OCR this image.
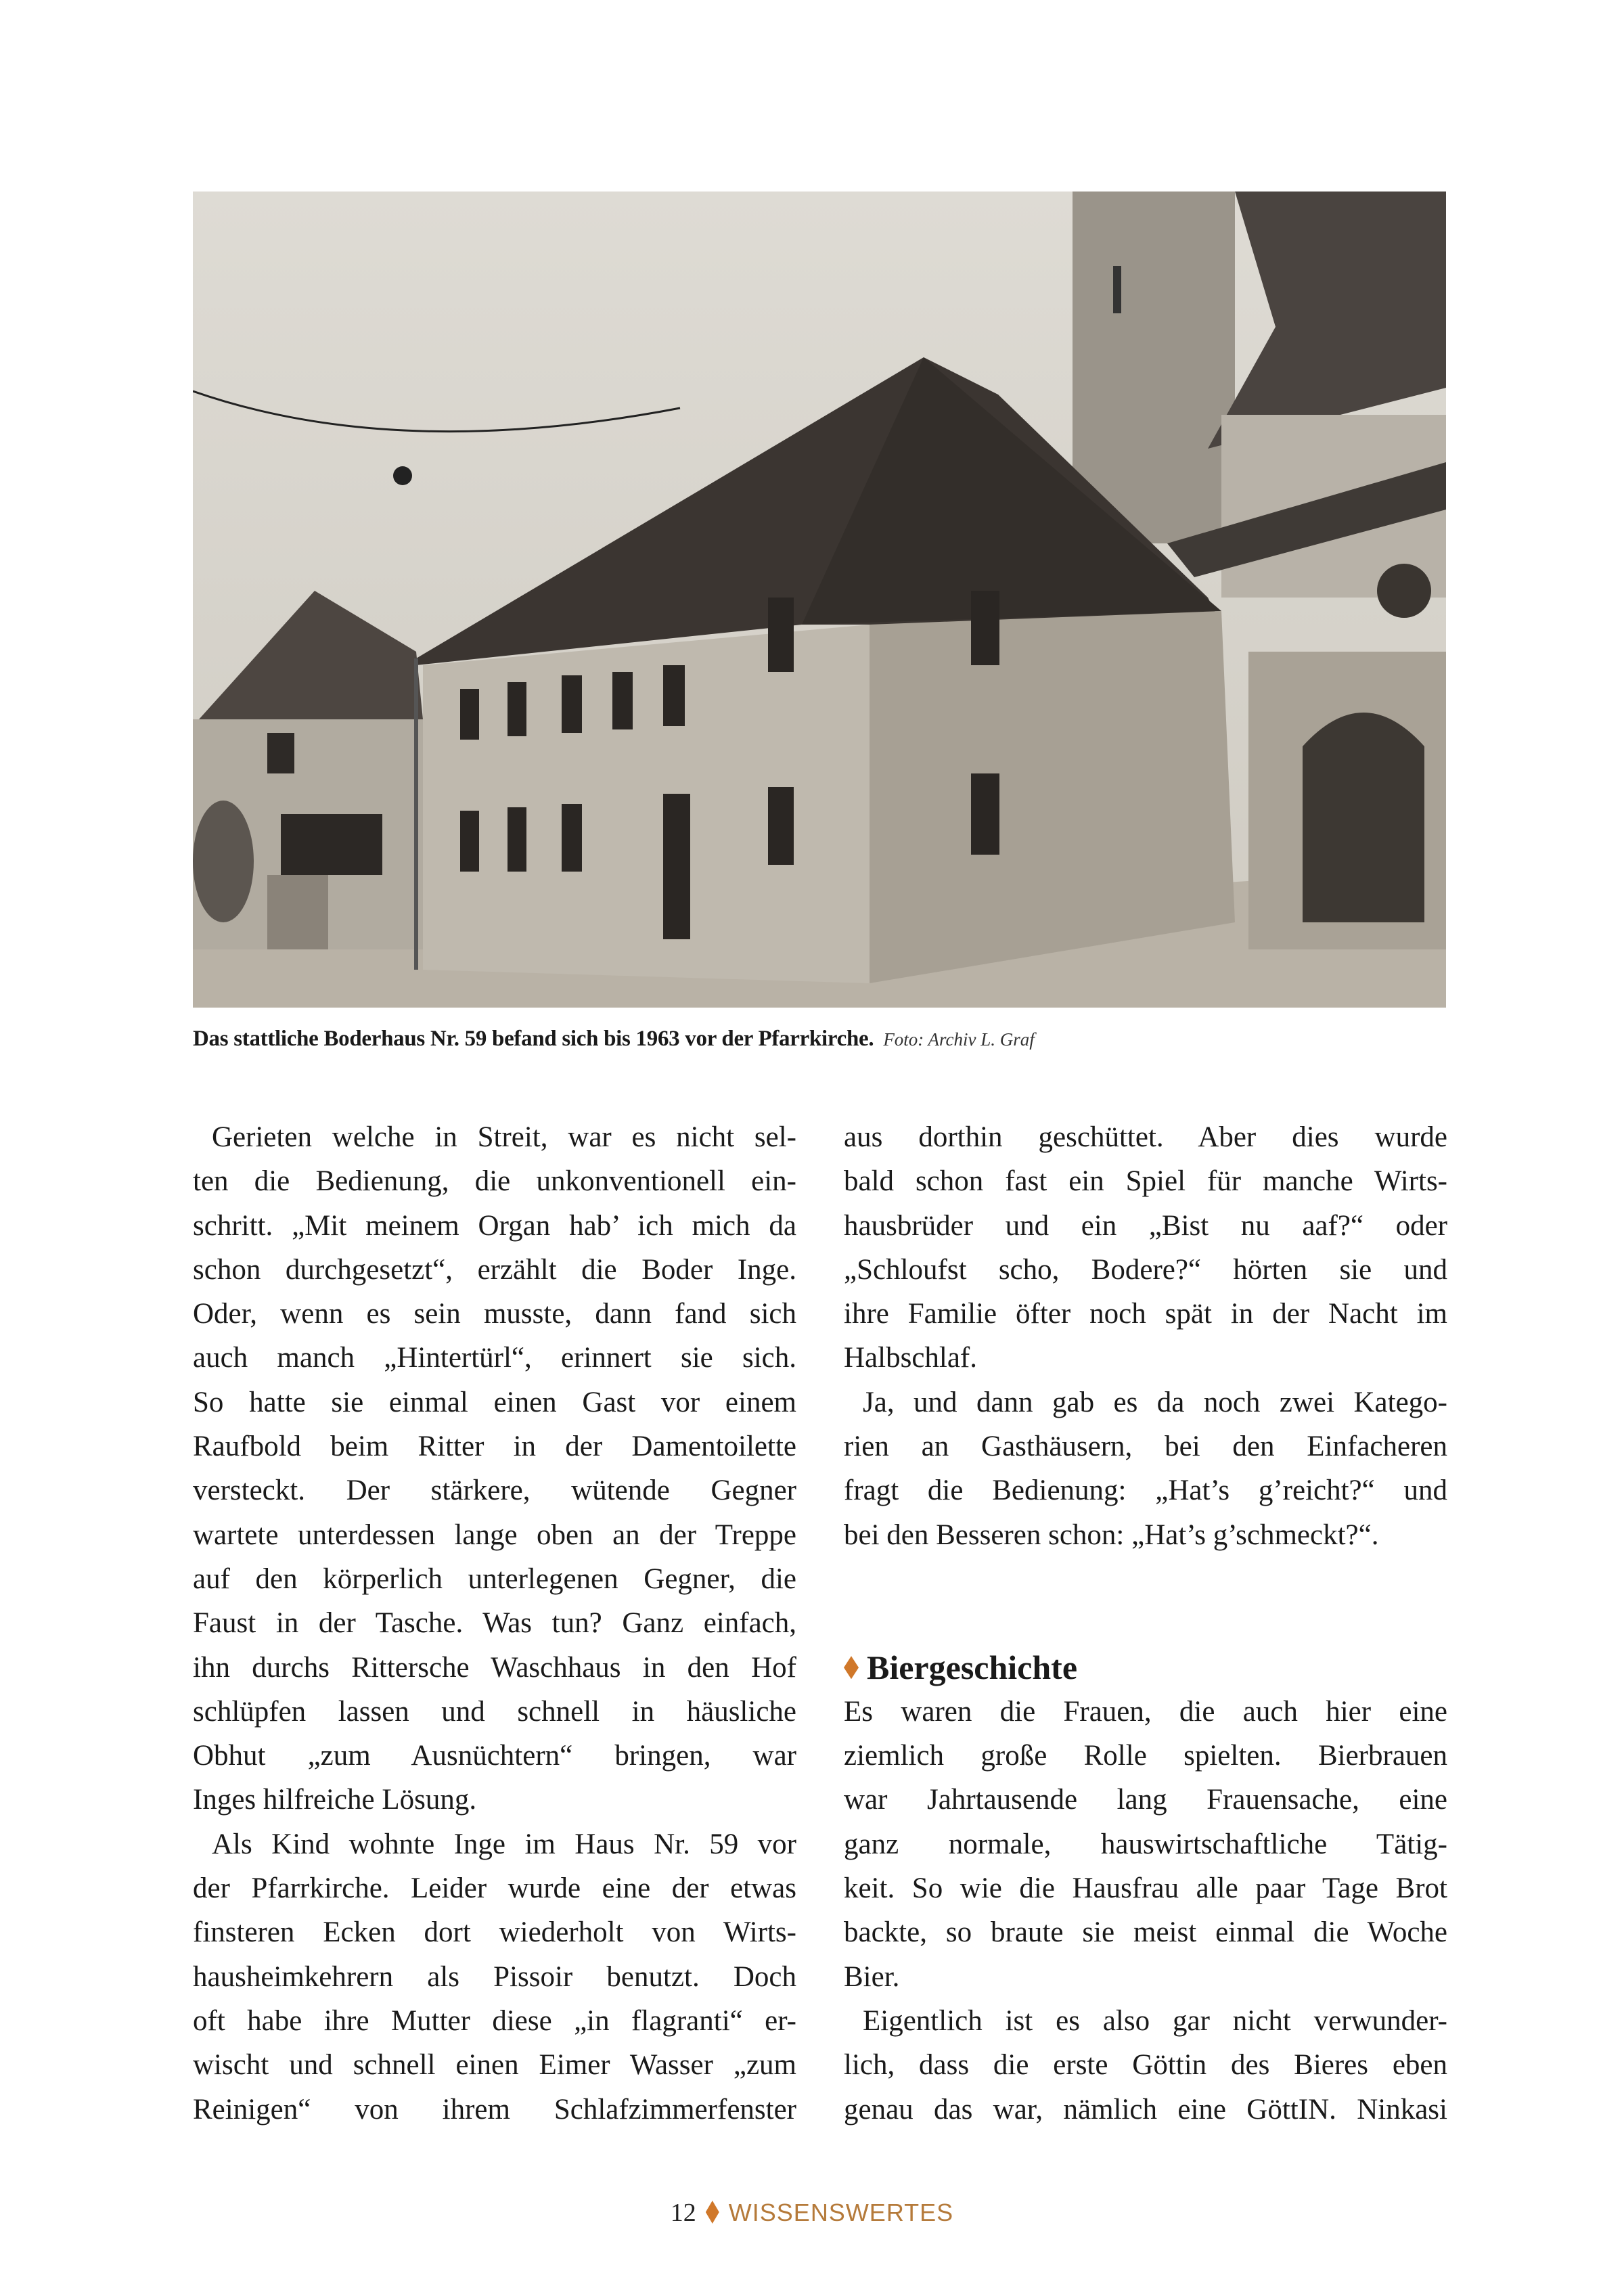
Das stattliche Boderhaus Nr. 59 befand sich bis 1963 vor der Pfarrkirche. Foto: Archiv L. Graf
Gerieten welche in Streit, war es nicht sel-
ten die Bedienung, die unkonventionell ein-
schritt. „Mit meinem Organ hab’ ich mich da
schon durchgesetzt“, erzählt die Boder Inge.
Oder, wenn es sein musste, dann fand sich
auch manch „Hintertürl“, erinnert sie sich.
So hatte sie einmal einen Gast vor einem
Raufbold beim Ritter in der Damentoilette
versteckt. Der stärkere, wütende Gegner
wartete unterdessen lange oben an der Treppe
auf den körperlich unterlegenen Gegner, die
Faust in der Tasche. Was tun? Ganz einfach,
ihn durchs Rittersche Waschhaus in den Hof
schlüpfen lassen und schnell in häusliche
Obhut „zum Ausnüchtern“ bringen, war
Inges hilfreiche Lösung.
Als Kind wohnte Inge im Haus Nr. 59 vor
der Pfarrkirche. Leider wurde eine der etwas
finsteren Ecken dort wiederholt von Wirts-
hausheimkehrern als Pissoir benutzt. Doch
oft habe ihre Mutter diese „in flagranti“ er-
wischt und schnell einen Eimer Wasser „zum
Reinigen“ von ihrem Schlafzimmerfenster
aus dorthin geschüttet. Aber dies wurde
bald schon fast ein Spiel für manche Wirts-
hausbrüder und ein „Bist nu aaf?“ oder
„Schloufst scho, Bodere?“ hörten sie und
ihre Familie öfter noch spät in der Nacht im
Halbschlaf.
Ja, und dann gab es da noch zwei Katego-
rien an Gasthäusern, bei den Einfacheren
fragt die Bedienung: „Hat’s g’reicht?“ und
bei den Besseren schon: „Hat’s g’schmeckt?“.
Biergeschichte
Es waren die Frauen, die auch hier eine
ziemlich große Rolle spielten. Bierbrauen
war Jahrtausende lang Frauensache, eine
ganz normale, hauswirtschaftliche Tätig-
keit. So wie die Hausfrau alle paar Tage Brot
backte, so braute sie meist einmal die Woche
Bier.
Eigentlich ist es also gar nicht verwunder-
lich, dass die erste Göttin des Bieres eben
genau das war, nämlich eine GöttIN. Ninkasi
12 WISSENSWERTES
